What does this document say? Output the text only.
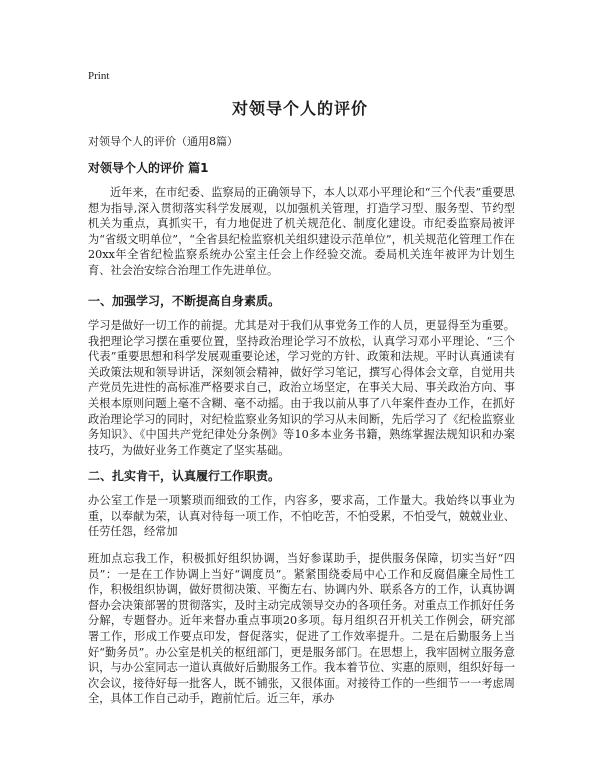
Print
对领导个人的评价
对领导个人的评价（通用8篇）
对领导个人的评价 篇1

近年来，在市纪委、监察局的正确领导下，本人以邓小平理论和“三个代表”重要思想为指导,深入贯彻落实科学发展观，以加强机关管理，打造学习型、服务型、节约型机关为重点，真抓实干，有力地促进了机关规范化、制度化建设。市纪委监察局被评为“省级文明单位”，“全省县纪检监察机关组织建设示范单位”，机关规范化管理工作在20xx年全省纪检监察系统办公室主任会上作经验交流。委局机关连年被评为计划生育、社会治安综合治理工作先进单位。

一、加强学习，不断提高自身素质。

学习是做好一切工作的前提。尤其是对于我们从事党务工作的人员，更显得至为重要。我把理论学习摆在重要位置，坚持政治理论学习不放松，认真学习邓小平理论、“三个代表”重要思想和科学发展观重要论述，学习党的方针、政策和法规。平时认真通读有关政策法规和领导讲话，深刻领会精神，做好学习笔记，撰写心得体会文章，自觉用共产党员先进性的高标准严格要求自己，政治立场坚定，在事关大局、事关政治方向、事关根本原则问题上毫不含糊、毫不动摇。由于我以前从事了八年案件查办工作，在抓好政治理论学习的同时，对纪检监察业务知识的学习从未间断，先后学习了《纪检监察业务知识》、《中国共产党纪律处分条例》等10多本业务书籍，熟练掌握法规知识和办案技巧，为做好业务工作奠定了坚实基础。

二、扎实肯干，认真履行工作职责。

办公室工作是一项繁琐而细致的工作，内容多，要求高，工作量大。我始终以事业为重，以奉献为荣，认真对待每一项工作，不怕吃苦，不怕受累，不怕受气，兢兢业业、任劳任怨，经常加

班加点忘我工作，积极抓好组织协调，当好参谋助手，提供服务保障，切实当好“四员”：一是在工作协调上当好“调度员”。紧紧围绕委局中心工作和反腐倡廉全局性工作，积极组织协调，做好贯彻决策、平衡左右、协调内外、联系各方的工作，认真协调督办会决策部署的贯彻落实，及时主动完成领导交办的各项任务。对重点工作抓好任务分解，专题督办。近年来督办重点事项20多项。每月组织召开机关工作例会，研究部署工作，形成工作要点印发，督促落实，促进了工作效率提升。二是在后勤服务上当好“勤务员”。办公室是机关的枢纽部门，更是服务部门。在思想上，我牢固树立服务意识，与办公室同志一道认真做好后勤服务工作。我本着节位、实惠的原则，组织好每一次会议，接待好每一批客人，既不铺张，又很体面。对接待工作的一些细节一一考虑周全，具体工作自己动手，跑前忙后。近三年，承办
